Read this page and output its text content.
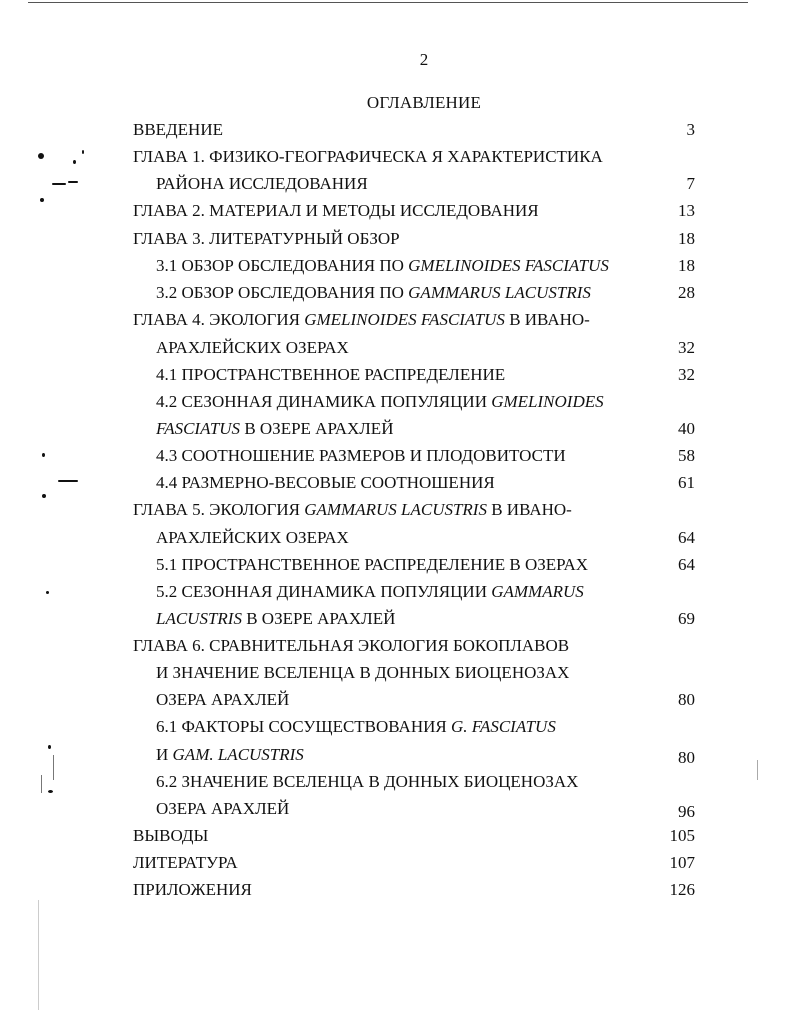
2
ОГЛАВЛЕНИЕ
ВВЕДЕНИЕ	3
ГЛАВА 1. ФИЗИКО-ГЕОГРАФИЧЕСКА Я ХАРАКТЕРИСТИКА
РАЙОНА ИССЛЕДОВАНИЯ	7
ГЛАВА 2. МАТЕРИАЛ И МЕТОДЫ ИССЛЕДОВАНИЯ	13
ГЛАВА 3. ЛИТЕРАТУРНЫЙ ОБЗОР	18
3.1 ОБЗОР ОБСЛЕДОВАНИЯ ПО GMELINOIDES FASCIATUS	18
3.2 ОБЗОР ОБСЛЕДОВАНИЯ ПО GAMMARUS LACUSTRIS	28
ГЛАВА 4. ЭКОЛОГИЯ GMELINOIDES FASCIATUS В ИВАНО-
АРАХЛЕЙСКИХ ОЗЕРАХ	32
4.1 ПРОСТРАНСТВЕННОЕ РАСПРЕДЕЛЕНИЕ	32
4.2 СЕЗОННАЯ ДИНАМИКА ПОПУЛЯЦИИ GMELINOIDES
FASCIATUS В ОЗЕРЕ АРАХЛЕЙ	40
4.3 СООТНОШЕНИЕ РАЗМЕРОВ И ПЛОДОВИТОСТИ	58
4.4 РАЗМЕРНО-ВЕСОВЫЕ СООТНОШЕНИЯ	61
ГЛАВА 5. ЭКОЛОГИЯ GAMMARUS LACUSTRIS В ИВАНО-
АРАХЛЕЙСКИХ ОЗЕРАХ	64
5.1 ПРОСТРАНСТВЕННОЕ РАСПРЕДЕЛЕНИЕ В ОЗЕРАХ	64
5.2 СЕЗОННАЯ ДИНАМИКА ПОПУЛЯЦИИ GAMMARUS
LACUSTRIS В ОЗЕРЕ АРАХЛЕЙ	69
ГЛАВА 6. СРАВНИТЕЛЬНАЯ ЭКОЛОГИЯ БОКОПЛАВОВ
И ЗНАЧЕНИЕ ВСЕЛЕНЦА В ДОННЫХ БИОЦЕНОЗАХ
ОЗЕРА АРАХЛЕЙ	80
6.1 ФАКТОРЫ СОСУЩЕСТВОВАНИЯ G. FASCIATUS
И GAM. LACUSTRIS	80
6.2 ЗНАЧЕНИЕ ВСЕЛЕНЦА В ДОННЫХ БИОЦЕНОЗАХ
ОЗЕРА АРАХЛЕЙ	96
ВЫВОДЫ	105
ЛИТЕРАТУРА	107
ПРИЛОЖЕНИЯ	126
